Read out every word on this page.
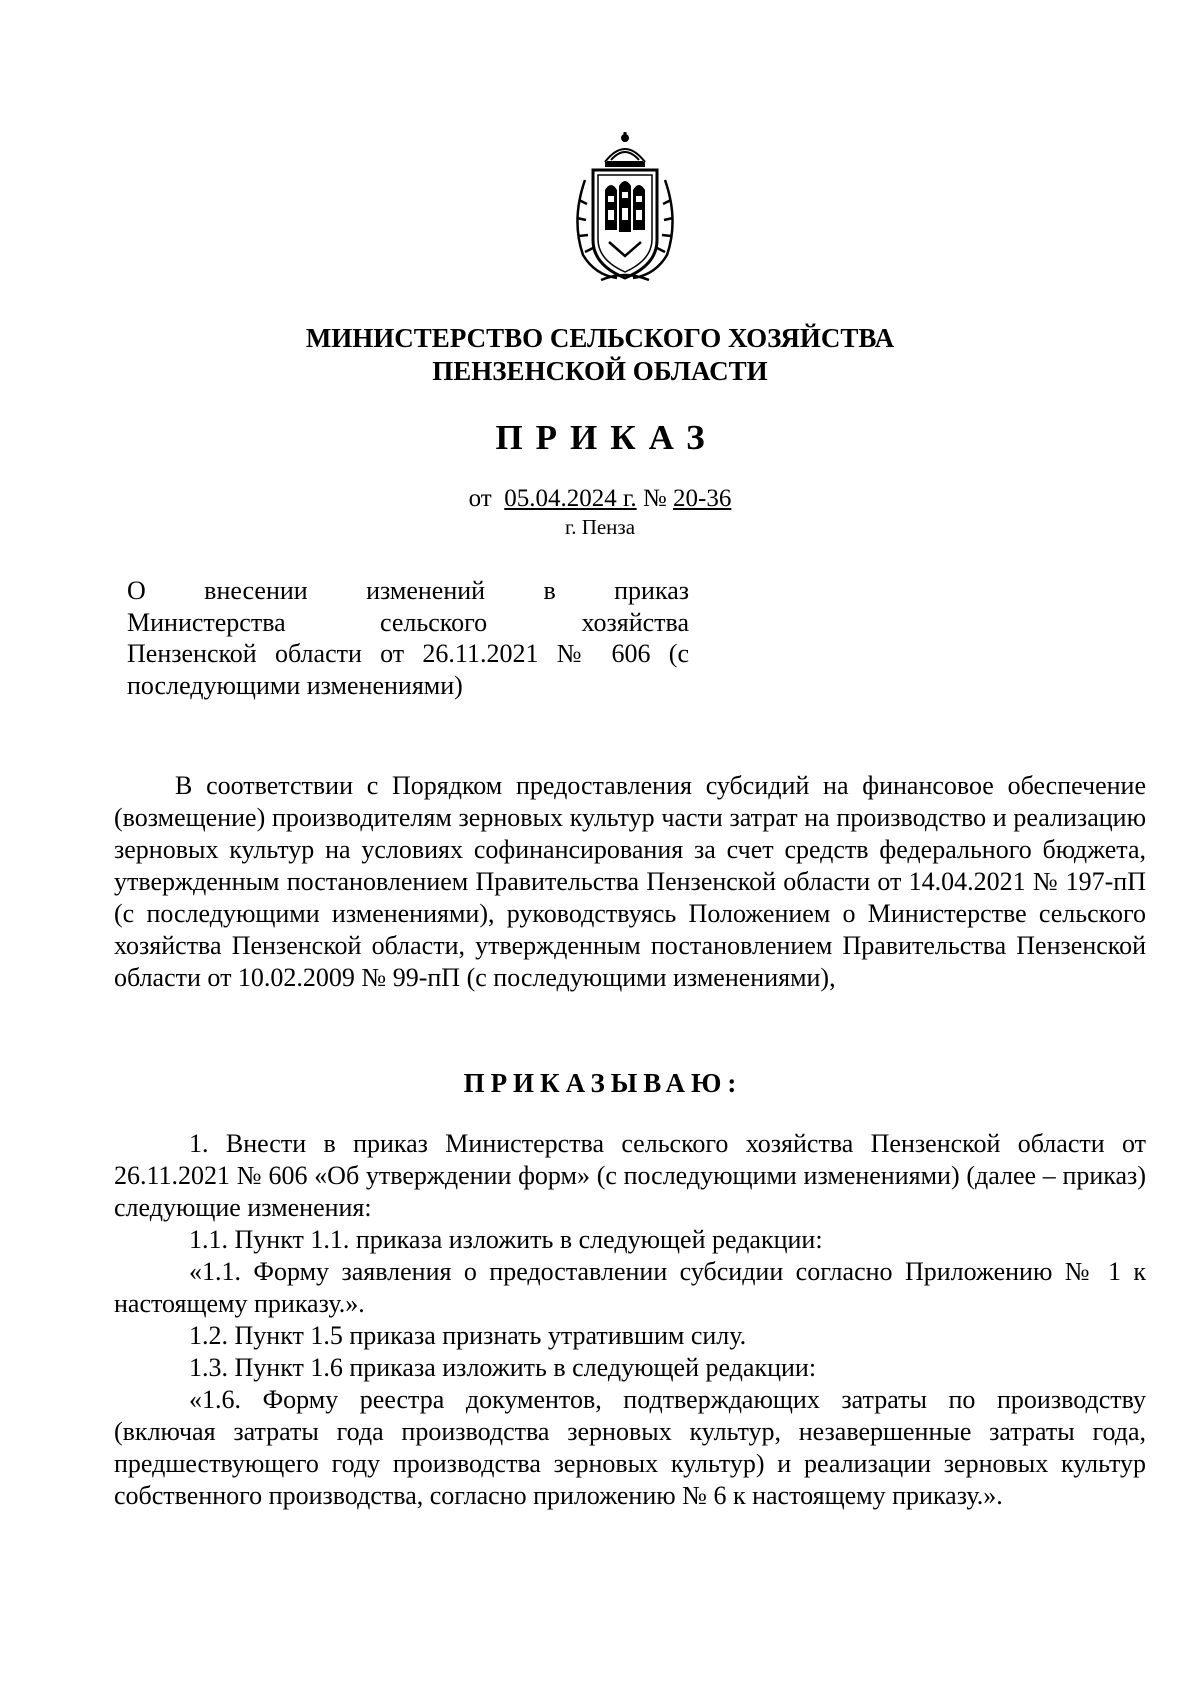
МИНИСТЕРСТВО СЕЛЬСКОГО ХОЗЯЙСТВА
ПЕНЗЕНСКОЙ ОБЛАСТИ
ПРИКАЗ
от 05.04.2024 г. № 20-36
г. Пенза
О внесении изменений в приказ
Министерства сельского хозяйства
Пензенской области от 26.11.2021 № 606 (с
последующими изменениями)

В соответствии с Порядком предоставления субсидий на финансовое обеспечение (возмещение) производителям зерновых культур части затрат на производство и реализацию зерновых культур на условиях софинансирования за счет средств федерального бюджета, утвержденным постановлением Правительства Пензенской области от 14.04.2021 № 197-пП (с последующими изменениями), руководствуясь Положением о Министерстве сельского хозяйства Пензенской области, утвержденным постановлением Правительства Пензенской области от 10.02.2009 № 99-пП (с последующими изменениями),

ПРИКАЗЫВАЮ:

1. Внести в приказ Министерства сельского хозяйства Пензенской области от 26.11.2021 № 606 «Об утверждении форм» (с последующими изменениями) (далее – приказ) следующие изменения:

1.1. Пункт 1.1. приказа изложить в следующей редакции:

«1.1. Форму заявления о предоставлении субсидии согласно Приложению № 1 к настоящему приказу.».

1.2. Пункт 1.5 приказа признать утратившим силу.

1.3. Пункт 1.6 приказа изложить в следующей редакции:

«1.6. Форму реестра документов, подтверждающих затраты по производству (включая затраты года производства зерновых культур, незавершенные затраты года, предшествующего году производства зерновых культур) и реализации зерновых культур собственного производства, согласно приложению № 6 к настоящему приказу.».
